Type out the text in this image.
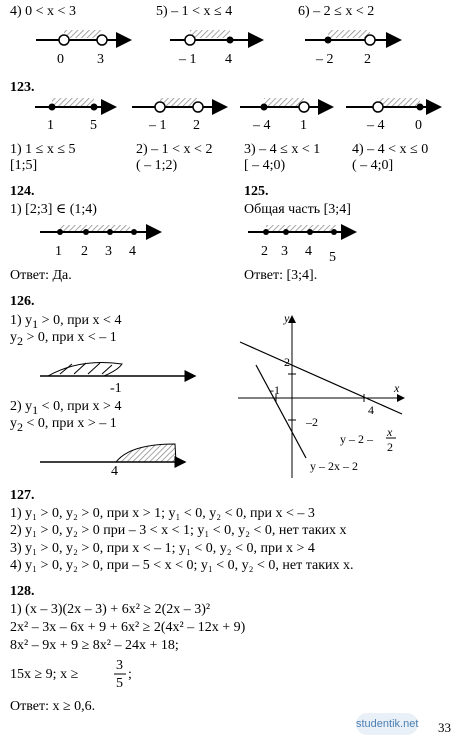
4) 0 < x < 3
0 3
5) – 1 < x ≤ 4
– 1 4
6) – 2 ≤ x < 2
– 2 2
123.
1	5	– 1 2	– 4 1	– 4 0
1) 1 ≤ x ≤ 5
[1;5]
2) – 1 < x < 2
( – 1;2)
3) – 4 ≤ x < 1
[ – 4;0)
4) – 4 < x ≤ 0
( – 4;0]
124.
1) [2;3] ∈ (1;4)
1 2 3 4
Ответ: Да.
125.
Общая часть [3;4]
2 3 4 5
Ответ: [3;4].
126.
1) $y_1 > 0$, при x < 4
$y_2 > 0$, при x < – 1
-1
2) $y_1 < 0$, при x > 4
$y_2 < 0$, при x > – 1
4
y
x
2
–2
-1
4
y – 2 – x
2
y – 2x – 2
127.
1) y₁ > 0, y₂ > 0, при x > 1; y₁ < 0, y₂ < 0, при x < – 3
2) y₁ > 0, y₂ > 0 при – 3 < x < 1; y₁ < 0, y₂ < 0, нет таких x
3) y₁ > 0, y₂ > 0, при x < – 1; y₁ < 0, y₂ < 0, при x > 4
4) y₁ > 0, y₂ > 0, при – 5 < x < 0; y₁ < 0, y₂ < 0, нет таких x.
128.
1) (x – 3)(2x – 3) + 6x² ≥ 2(2x – 3)²
2x² – 3x – 6x + 9 + 6x² ≥ 2(4x² – 12x + 9)
8x² – 9x + 9 ≥ 8x² – 24x + 18;
15x ≥ 9; x ≥
3
5
;
Ответ: x ≥ 0,6.
studentik.net 33
